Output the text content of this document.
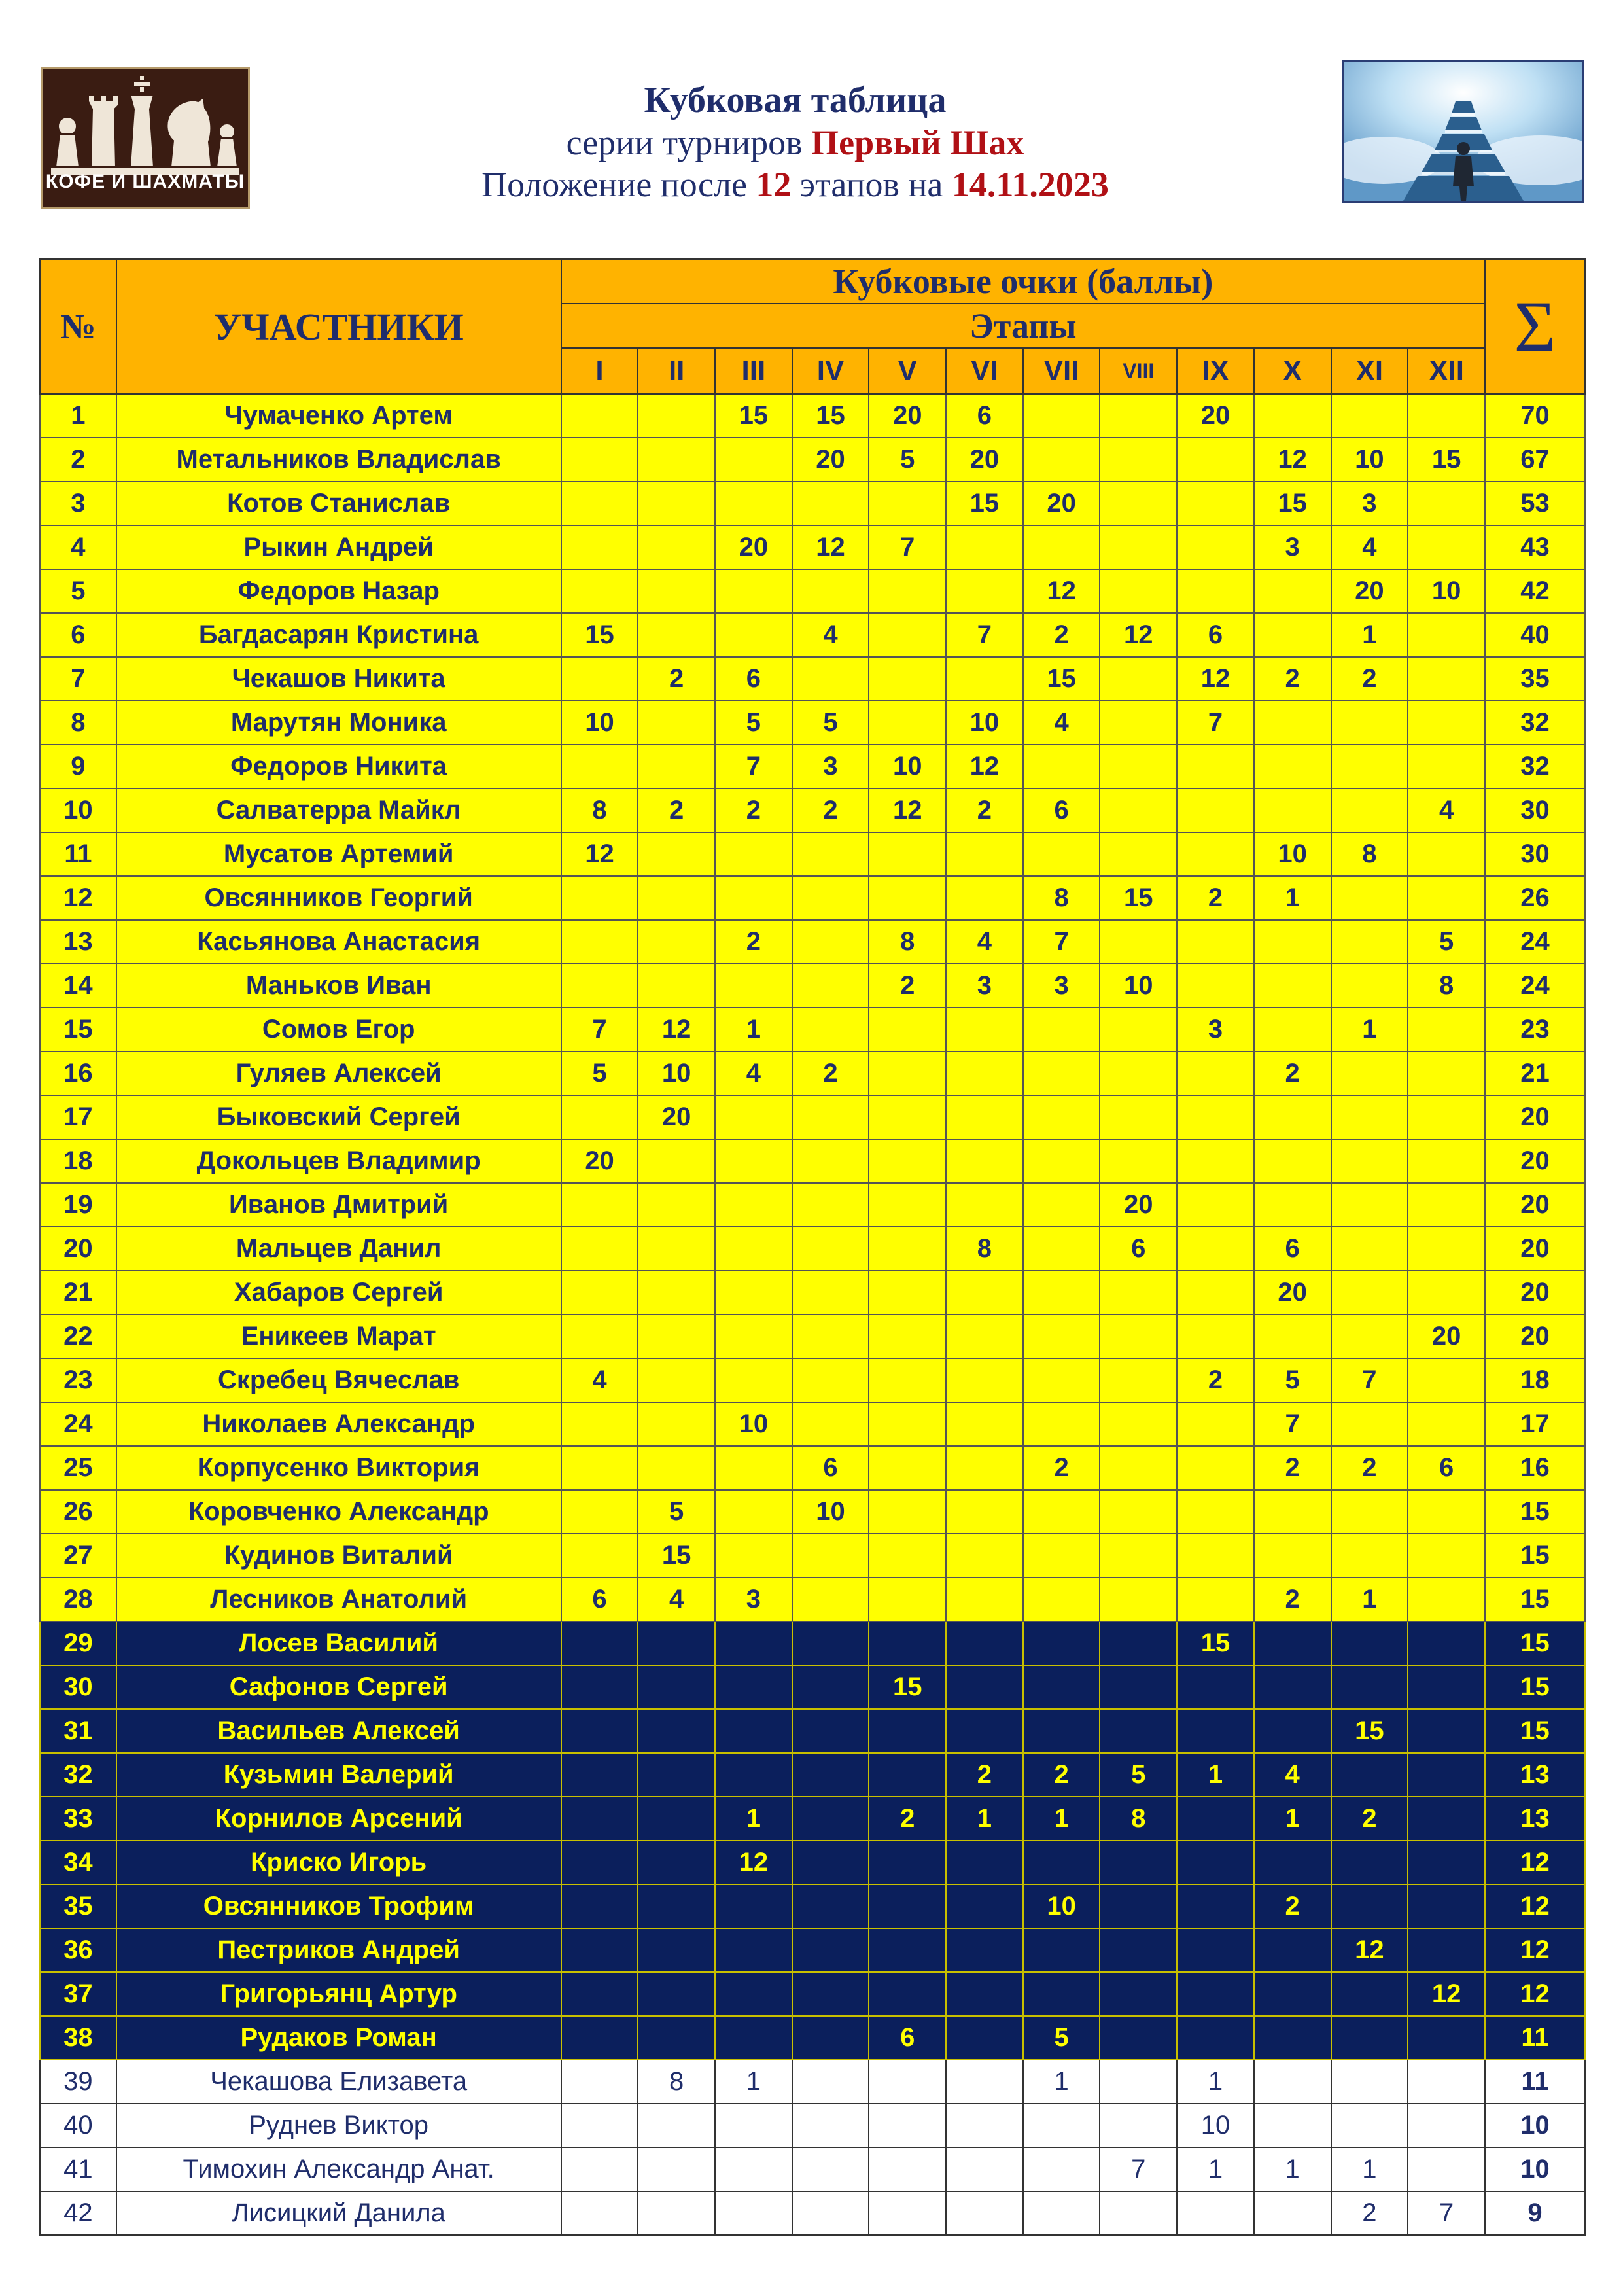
КОФЕ И ШАХМАТЫ
Кубковая таблица
серии турниров Первый Шах
Положение после 12 этапов на 14.11.2023
№	УЧАСТНИКИ	Кубковые очки (баллы)												Σ
		Этапы												
		I	II	III	IV	V	VI	VII	VIII	IX	X	XI	XII	
1	Чумаченко Артем			15	15	20	6			20				70
2	Метальников Владислав				20	5	20				12	10	15	67
3	Котов Станислав						15	20			15	3		53
4	Рыкин Андрей			20	12	7					3	4		43
5	Федоров Назар							12				20	10	42
6	Багдасарян Кристина	15			4		7	2	12	6		1		40
7	Чекашов Никита		2	6				15		12	2	2		35
8	Марутян Моника	10		5	5		10	4		7				32
9	Федоров Никита			7	3	10	12							32
10	Салватерра Майкл	8	2	2	2	12	2	6					4	30
11	Мусатов Артемий	12									10	8		30
12	Овсянников Георгий							8	15	2	1			26
13	Касьянова Анастасия			2		8	4	7					5	24
14	Маньков Иван					2	3	3	10				8	24
15	Сомов Егор	7	12	1						3		1		23
16	Гуляев Алексей	5	10	4	2						2			21
17	Быковский Сергей		20											20
18	Докольцев Владимир	20												20
19	Иванов Дмитрий								20					20
20	Мальцев Данил						8		6		6			20
21	Хабаров Сергей										20			20
22	Еникеев Марат												20	20
23	Скребец Вячеслав	4								2	5	7		18
24	Николаев Александр			10							7			17
25	Корпусенко Виктория				6			2			2	2	6	16
26	Коровченко Александр		5		10									15
27	Кудинов Виталий		15											15
28	Лесников Анатолий	6	4	3							2	1		15
29	Лосев Василий									15				15
30	Сафонов Сергей					15								15
31	Васильев Алексей											15		15
32	Кузьмин Валерий						2	2	5	1	4			13
33	Корнилов Арсений			1		2	1	1	8		1	2		13
34	Криско Игорь			12										12
35	Овсянников Трофим							10			2			12
36	Пестриков Андрей											12		12
37	Григорьянц Артур												12	12
38	Рудаков Роман					6		5						11
39	Чекашова Елизавета		8	1				1		1				11
40	Руднев Виктор									10				10
41	Тимохин Александр Анат.								7	1	1	1		10
42	Лисицкий Данила											2	7	9
